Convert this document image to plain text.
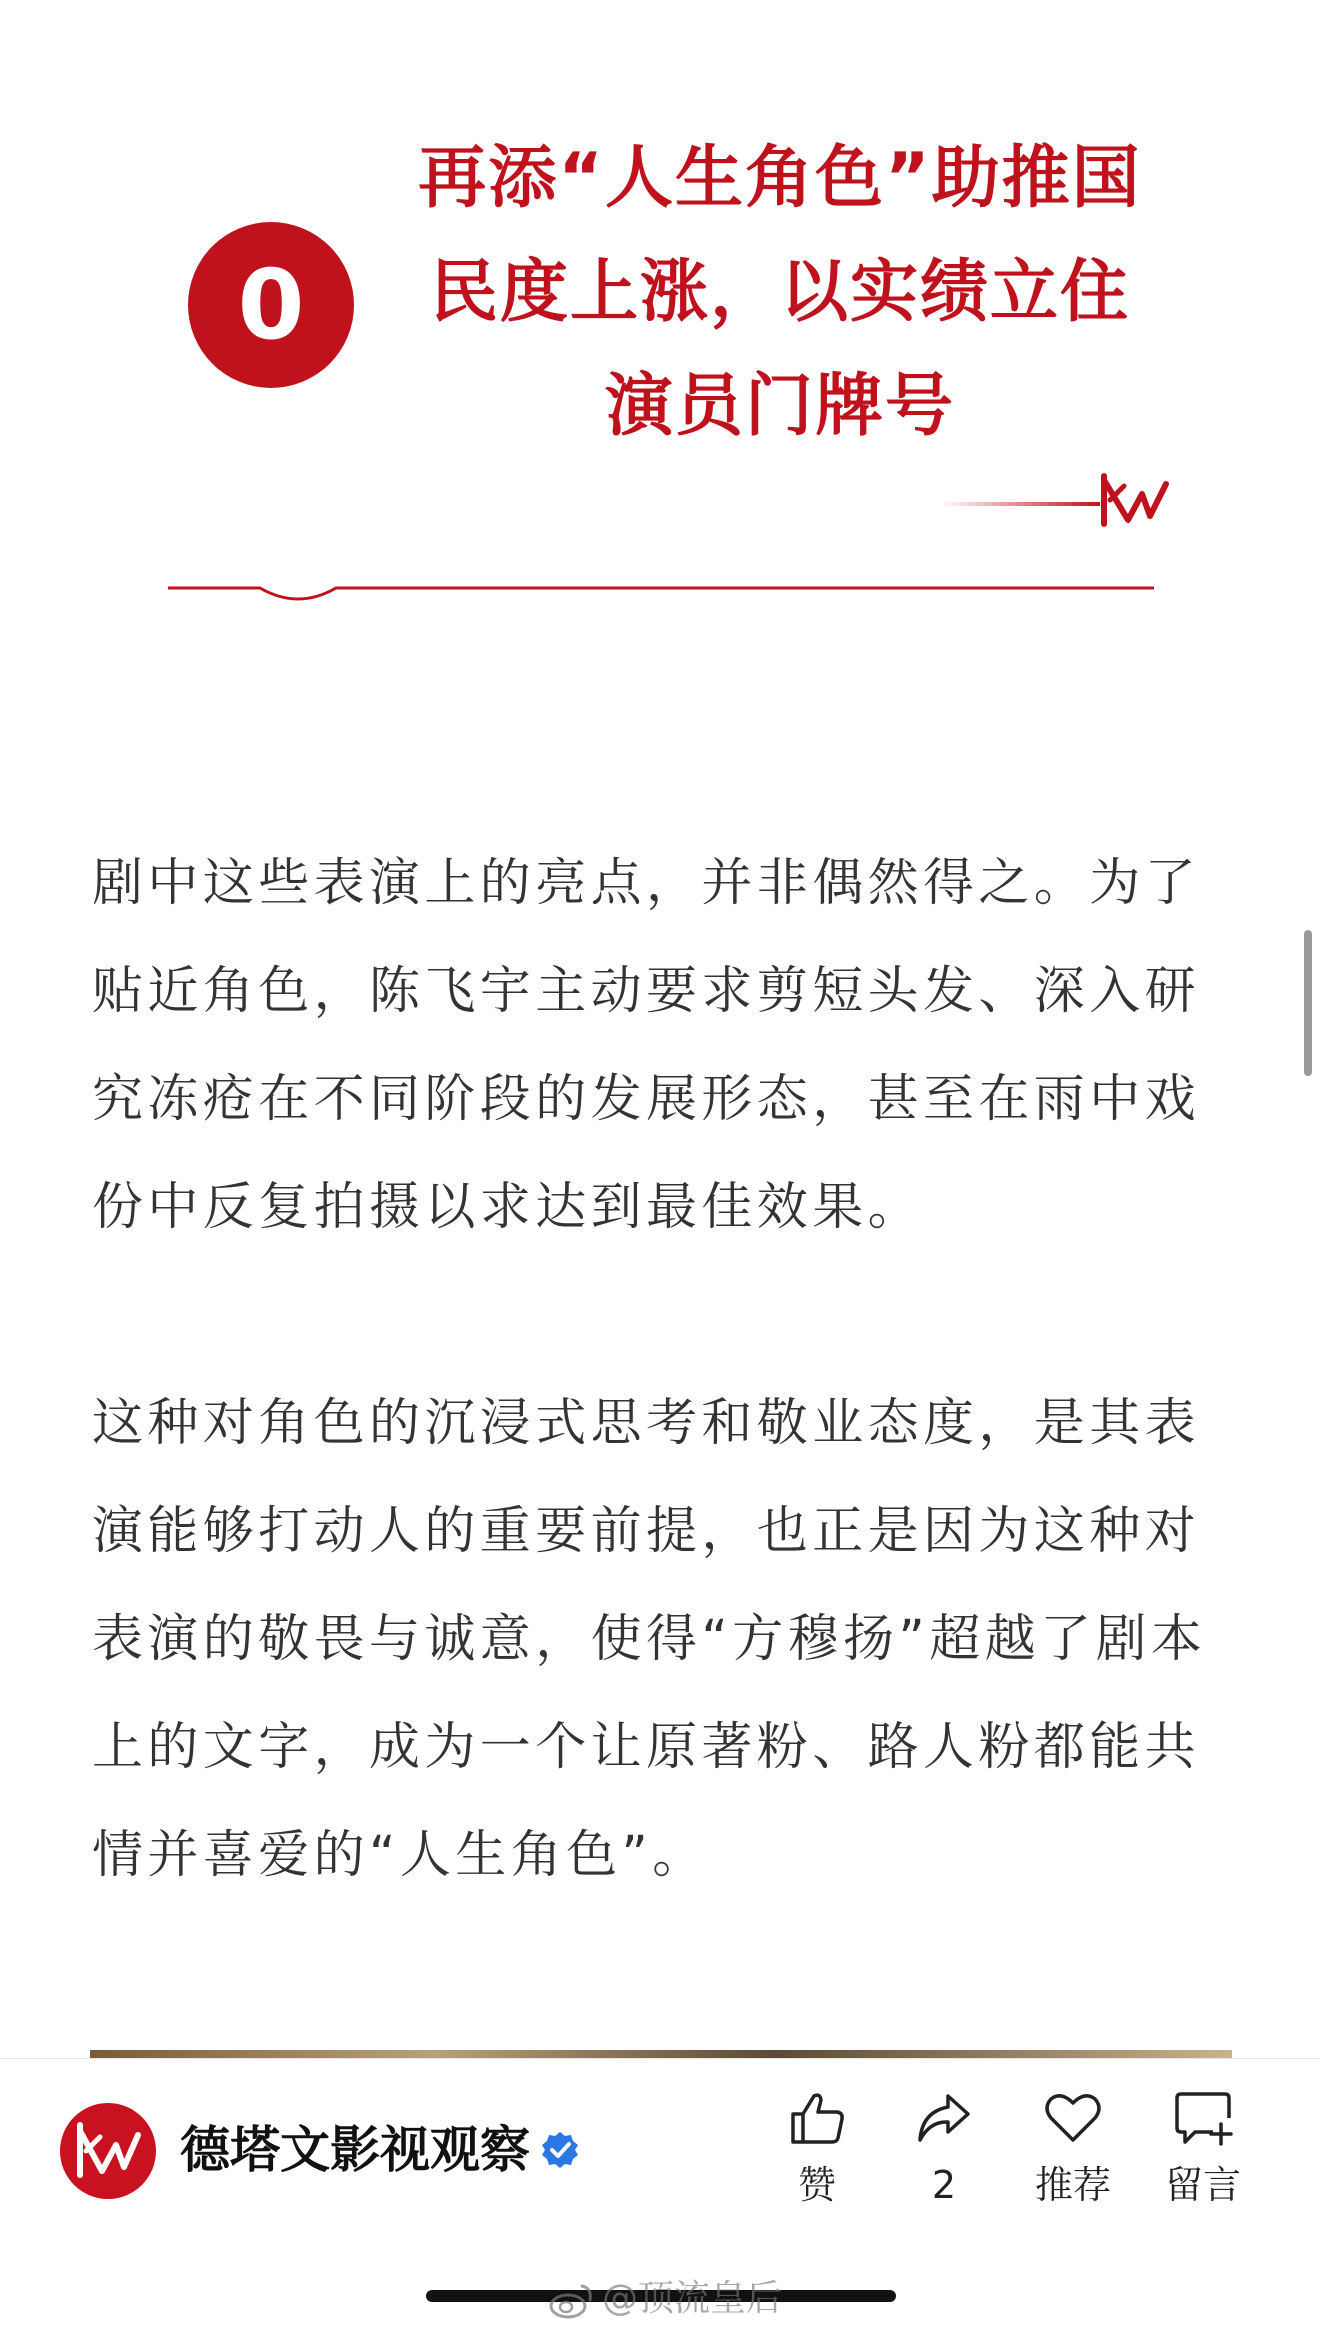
0
再添“人生角色”助推国
民度上涨，以实绩立住
演员门牌号

剧中这些表演上的亮点，并非偶然得之。为了贴近角色，陈飞宇主动要求剪短头发、深入研究冻疮在不同阶段的发展形态，甚至在雨中戏份中反复拍摄以求达到最佳效果。

这种对角色的沉浸式思考和敬业态度，是其表演能够打动人的重要前提，也正是因为这种对表演的敬畏与诚意，使得“方穆扬”超越了剧本上的文字，成为一个让原著粉、路人粉都能共情并喜爱的“人生角色”。

德塔文影视观察
赞	2	推荐	留言
@顶流皇后
